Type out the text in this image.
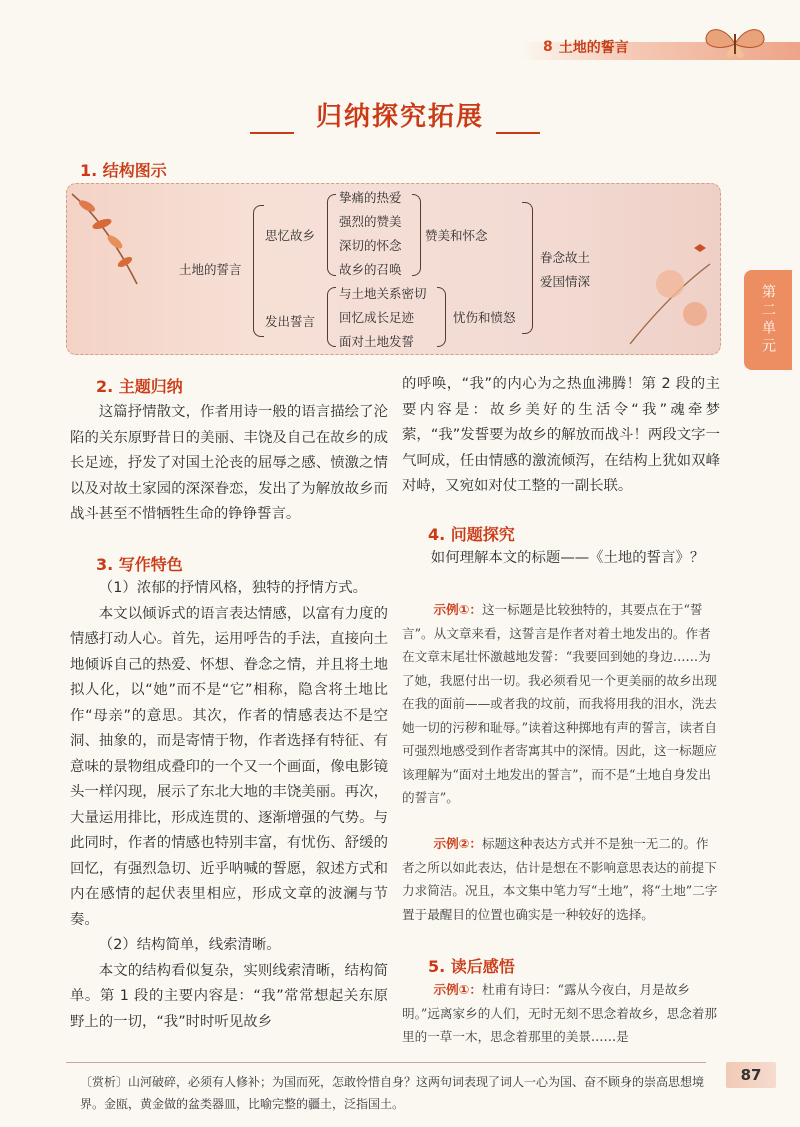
8 土地的誓言
归纳探究拓展
1. 结构图示
土地的誓言
思忆故乡
挚痛的热爱
强烈的赞美
深切的怀念
故乡的召唤
赞美和怀念
发出誓言
与土地关系密切
回忆成长足迹
面对土地发誓
忧伤和愤怒
眷念故土
爱国情深
第二单元
2. 主题归纳

这篇抒情散文，作者用诗一般的语言描绘了沦陷的关东原野昔日的美丽、丰饶及自己在故乡的成长足迹，抒发了对国土沦丧的屈辱之感、愤激之情以及对故土家园的深深眷恋，发出了为解放故乡而战斗甚至不惜牺牲生命的铮铮誓言。

3. 写作特色

（1）浓郁的抒情风格，独特的抒情方式。

本文以倾诉式的语言表达情感，以富有力度的情感打动人心。首先，运用呼告的手法，直接向土地倾诉自己的热爱、怀想、眷念之情，并且将土地拟人化，以“她”而不是“它”相称，隐含将土地比作“母亲”的意思。其次，作者的情感表达不是空洞、抽象的，而是寄情于物，作者选择有特征、有意味的景物组成叠印的一个又一个画面，像电影镜头一样闪现，展示了东北大地的丰饶美丽。再次，大量运用排比，形成连贯的、逐渐增强的气势。与此同时，作者的情感也特别丰富，有忧伤、舒缓的回忆，有强烈急切、近乎呐喊的誓愿，叙述方式和内在感情的起伏表里相应，形成文章的波澜与节奏。

（2）结构简单，线索清晰。

本文的结构看似复杂，实则线索清晰，结构简单。第 1 段的主要内容是：“我”常常想起关东原野上的一切，“我”时时听见故乡

的呼唤，“我”的内心为之热血沸腾！第 2 段的主要内容是：故乡美好的生活令“我”魂牵梦萦，“我”发誓要为故乡的解放而战斗！两段文字一气呵成，任由情感的激流倾泻，在结构上犹如双峰对峙，又宛如对仗工整的一副长联。

4. 问题探究

如何理解本文的标题——《土地的誓言》？

示例①：这一标题是比较独特的，其要点在于“誓言”。从文章来看，这誓言是作者对着土地发出的。作者在文章末尾壮怀激越地发誓：“我要回到她的身边……为了她，我愿付出一切。我必须看见一个更美丽的故乡出现在我的面前——或者我的坟前，而我将用我的泪水，洗去她一切的污秽和耻辱。”读着这种掷地有声的誓言，读者自可强烈地感受到作者寄寓其中的深情。因此，这一标题应该理解为“面对土地发出的誓言”，而不是“土地自身发出的誓言”。

示例②：标题这种表达方式并不是独一无二的。作者之所以如此表达，估计是想在不影响意思表达的前提下力求简洁。况且，本文集中笔力写“土地”，将“土地”二字置于最醒目的位置也确实是一种较好的选择。

5. 读后感悟

示例①：杜甫有诗曰：“露从今夜白，月是故乡明。”远离家乡的人们，无时无刻不思念着故乡，思念着那里的一草一木，思念着那里的美景……是

87
〔赏析〕山河破碎，必须有人修补；为国而死，怎敢怜惜自身？这两句词表现了词人一心为国、奋不顾身的崇高思想境界。金瓯，黄金做的盆类器皿，比喻完整的疆土，泛指国土。
